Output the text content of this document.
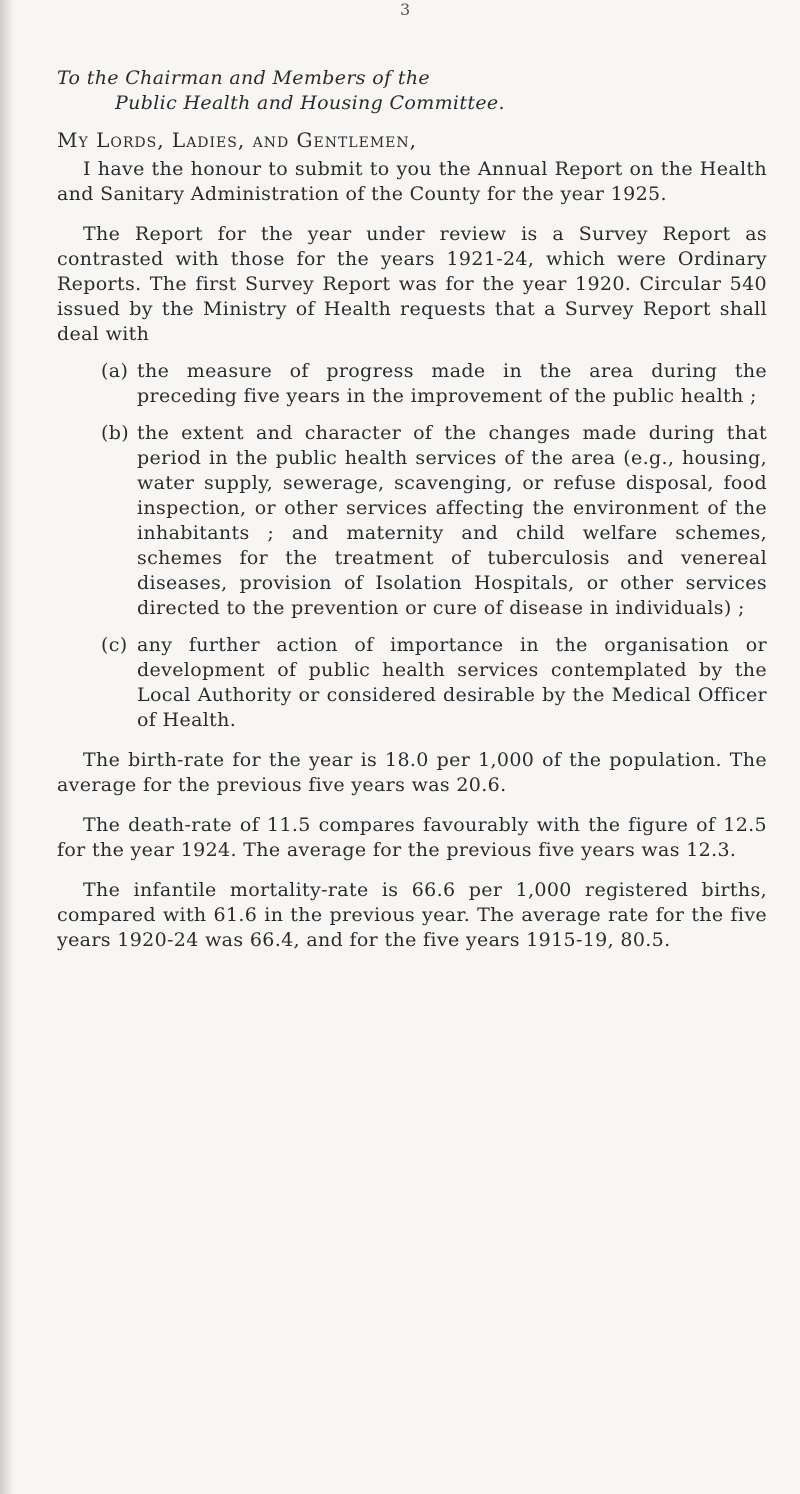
3
To the Chairman and Members of the
Public Health and Housing Committee.
My Lords, Ladies, and Gentlemen,

I have the honour to submit to you the Annual Report on the Health and Sanitary Administration of the County for the year 1925.

The Report for the year under review is a Survey Report as contrasted with those for the years 1921-24, which were Ordinary Reports. The first Survey Report was for the year 1920. Circular 540 issued by the Ministry of Health requests that a Survey Report shall deal with

(a) the measure of progress made in the area during the preceding five years in the improvement of the public health ;
(b) the extent and character of the changes made during that period in the public health services of the area (e.g., housing, water supply, sewerage, scavenging, or refuse disposal, food inspection, or other services affecting the environment of the inhabitants ; and maternity and child welfare schemes, schemes for the treatment of tuberculosis and venereal diseases, provision of Isolation Hospitals, or other services directed to the prevention or cure of disease in individuals) ;
(c) any further action of importance in the organisation or development of public health services contemplated by the Local Authority or considered desirable by the Medical Officer of Health.

The birth-rate for the year is 18.0 per 1,000 of the population. The average for the previous five years was 20.6.

The death-rate of 11.5 compares favourably with the figure of 12.5 for the year 1924. The average for the previous five years was 12.3.

The infantile mortality-rate is 66.6 per 1,000 registered births, compared with 61.6 in the previous year. The average rate for the five years 1920-24 was 66.4, and for the five years 1915-19, 80.5.
